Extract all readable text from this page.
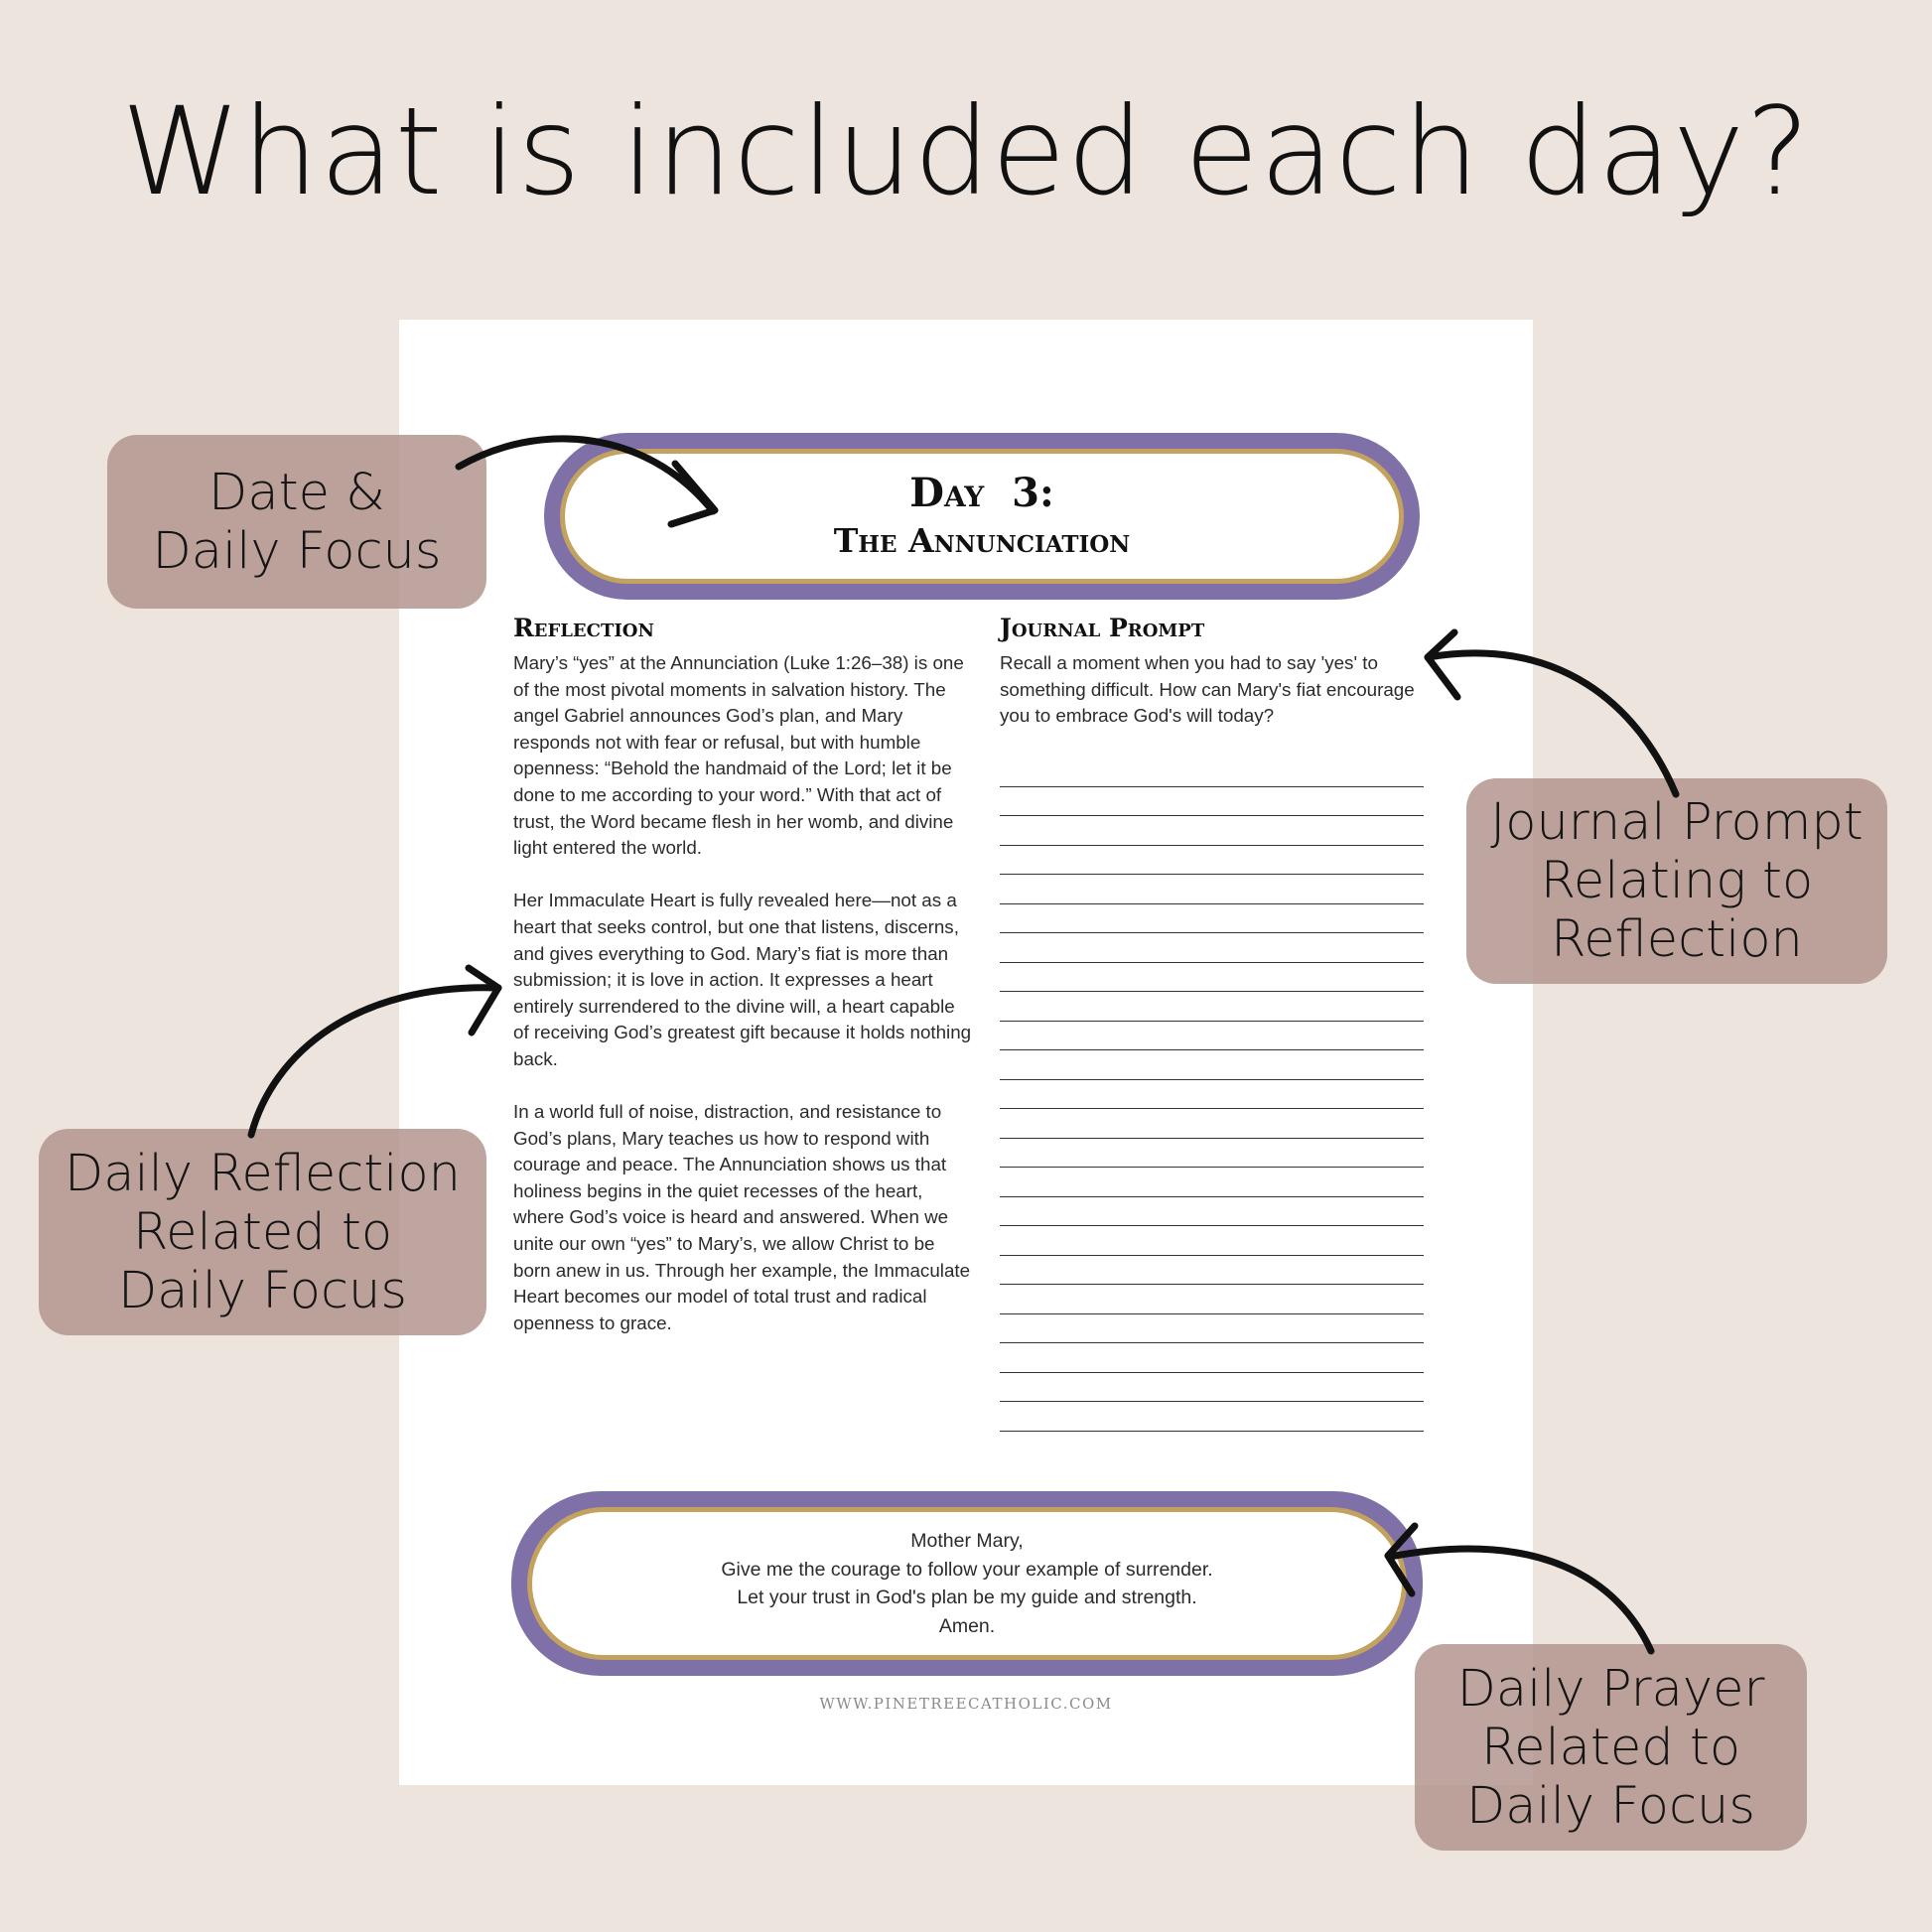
What is included each day?
Day  3:
The Annunciation
Reflection

Mary’s “yes” at the Annunciation (Luke 1:26–38) is one of the most pivotal moments in salvation history. The angel Gabriel announces God’s plan, and Mary responds not with fear or refusal, but with humble openness: “Behold the handmaid of the Lord; let it be done to me according to your word.” With that act of trust, the Word became flesh in her womb, and divine light entered the world.

Her Immaculate Heart is fully revealed here—not as a heart that seeks control, but one that listens, discerns, and gives everything to God. Mary’s fiat is more than submission; it is love in action. It expresses a heart entirely surrendered to the divine will, a heart capable of receiving God’s greatest gift because it holds nothing back.

In a world full of noise, distraction, and resistance to God’s plans, Mary teaches us how to respond with courage and peace. The Annunciation shows us that holiness begins in the quiet recesses of the heart, where God’s voice is heard and answered. When we unite our own “yes” to Mary’s, we allow Christ to be born anew in us. Through her example, the Immaculate Heart becomes our model of total trust and radical openness to grace.

Journal Prompt
Recall a moment when you had to say 'yes' to something difficult. How can Mary's fiat encourage you to embrace God's will today?
Mother Mary,
Give me the courage to follow your example of surrender.
Let your trust in God's plan be my guide and strength.
Amen.
WWW.PINETREECATHOLIC.COM
Date &
Daily Focus
Journal Prompt
Relating to
Reflection
Daily Reflection
Related to
Daily Focus
Daily Prayer
Related to
Daily Focus
